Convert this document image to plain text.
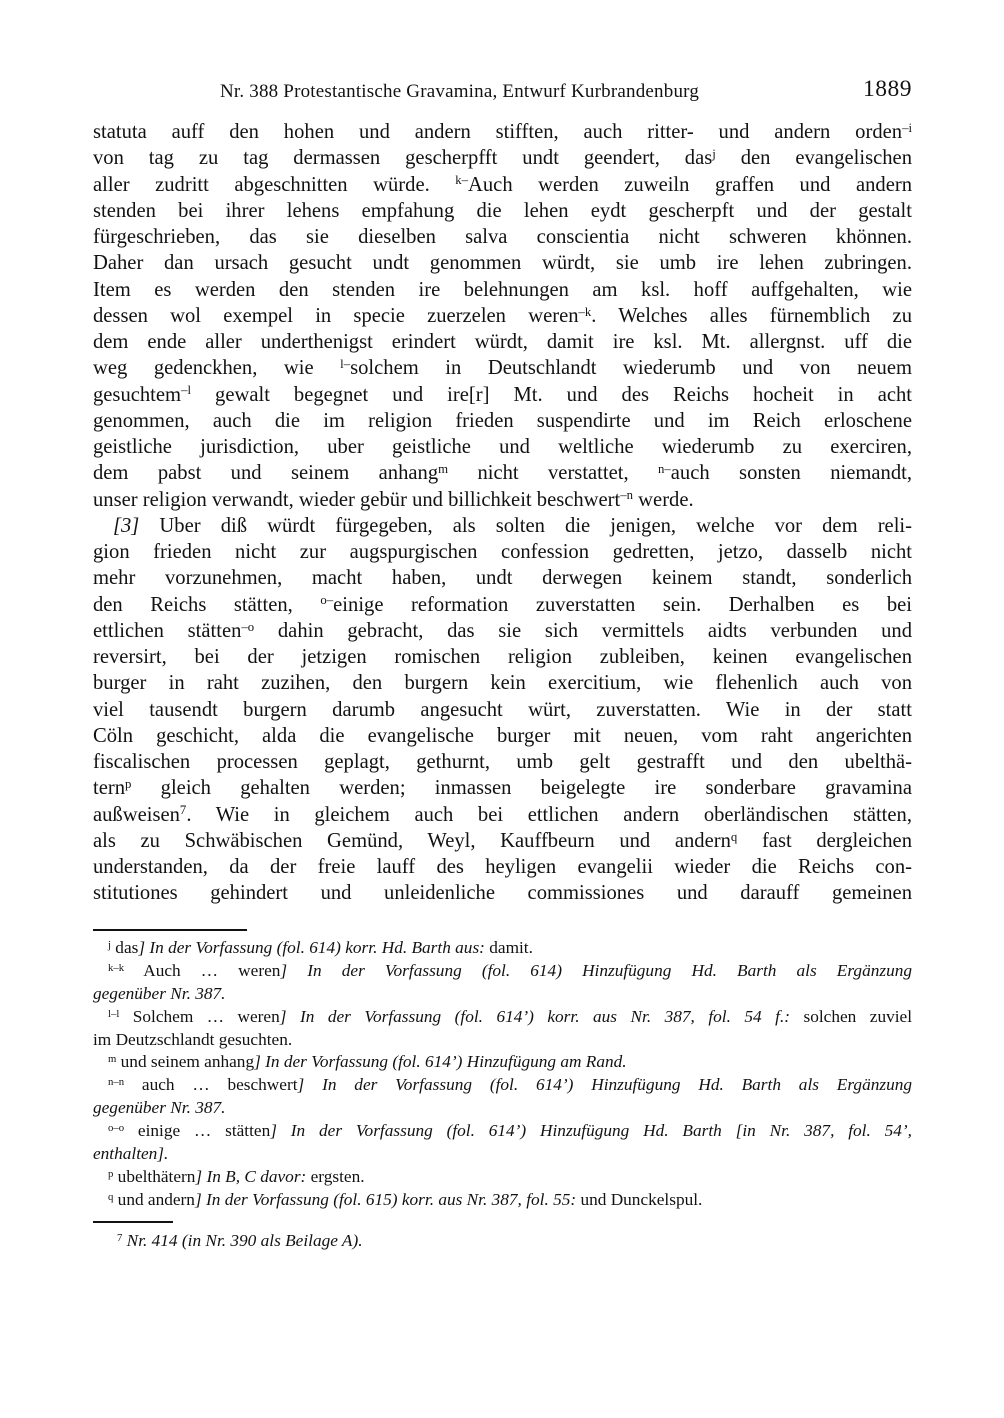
Nr. 388 Protestantische Gravamina, Entwurf Kurbrandenburg	1889
statuta auff den hohen und andern stifften, auch ritter- und andern orden$^{-i}$
von tag zu tag dermassen gescherpfft undt geendert, das$^j$ den evangelischen
aller zudritt abgeschnitten würde. $^{k-}$Auch werden zuweiln graffen und andern
stenden bei ihrer lehens empfahung die lehen eydt gescherpft und der gestalt
fürgeschrieben, das sie dieselben salva conscientia nicht schweren khönnen.
Daher dan ursach gesucht undt genommen würdt, sie umb ire lehen zubringen.
Item es werden den stenden ire belehnungen am ksl. hoff auffgehalten, wie
dessen wol exempel in specie zuerzelen weren$^{-k}$. Welches alles fürnemblich zu
dem ende aller underthenigst erindert würdt, damit ire ksl. Mt. allergnst. uff die
weg gedenckhen, wie $^{l-}$solchem in Deutschlandt wiederumb und von neuem
gesuchtem$^{-l}$ gewalt begegnet und ire[r] Mt. und des Reichs hocheit in acht
genommen, auch die im religion frieden suspendirte und im Reich erloschene
geistliche jurisdiction, uber geistliche und weltliche wiederumb zu exerciren,
dem pabst und seinem anhang$^m$ nicht verstattet, $^{n-}$auch sonsten niemandt,
unser religion verwandt, wieder gebür und billichkeit beschwert$^{-n}$ werde.
[3] Uber diß würdt fürgegeben, als solten die jenigen, welche vor dem reli-
gion frieden nicht zur augspurgischen confession gedretten, jetzo, dasselb nicht
mehr vorzunehmen, macht haben, undt derwegen keinem standt, sonderlich
den Reichs stätten, $^{o-}$einige reformation zuverstatten sein. Derhalben es bei
ettlichen stätten$^{-o}$ dahin gebracht, das sie sich vermittels aidts verbunden und
reversirt, bei der jetzigen romischen religion zubleiben, keinen evangelischen
burger in raht zuzihen, den burgern kein exercitium, wie flehenlich auch von
viel tausendt burgern darumb angesucht würt, zuverstatten. Wie in der statt
Cöln geschicht, alda die evangelische burger mit neuen, vom raht angerichten
fiscalischen processen geplagt, gethurnt, umb gelt gestrafft und den ubelthä-
tern$^p$ gleich gehalten werden; inmassen beigelegte ire sonderbare gravamina
außweisen$^7$. Wie in gleichem auch bei ettlichen andern oberländischen stätten,
als zu Schwäbischen Gemünd, Weyl, Kauffbeurn und andern$^q$ fast dergleichen
understanden, da der freie lauff des heyligen evangelii wieder die Reichs con-
stitutiones gehindert und unleidenliche commissiones und darauff gemeinen
$^j$ das] In der Vorfassung (fol. 614) korr. Hd. Barth aus: damit.
$^{k-k}$ Auch … weren] In der Vorfassung (fol. 614) Hinzufügung Hd. Barth als Ergänzung
gegenüber Nr. 387.
$^{l-l}$ Solchem … weren] In der Vorfassung (fol. 614’) korr. aus Nr. 387, fol. 54 f.: solchen zuviel
im Deutzschlandt gesuchten.
$^m$ und seinem anhang] In der Vorfassung (fol. 614’) Hinzufügung am Rand.
$^{n-n}$ auch … beschwert] In der Vorfassung (fol. 614’) Hinzufügung Hd. Barth als Ergänzung
gegenüber Nr. 387.
$^{o-o}$ einige … stätten] In der Vorfassung (fol. 614’) Hinzufügung Hd. Barth [in Nr. 387, fol. 54’,
enthalten].
$^p$ ubelthätern] In B, C davor: ergsten.
$^q$ und andern] In der Vorfassung (fol. 615) korr. aus Nr. 387, fol. 55: und Dunckelspul.
$^7$ Nr. 414 (in Nr. 390 als Beilage A).
